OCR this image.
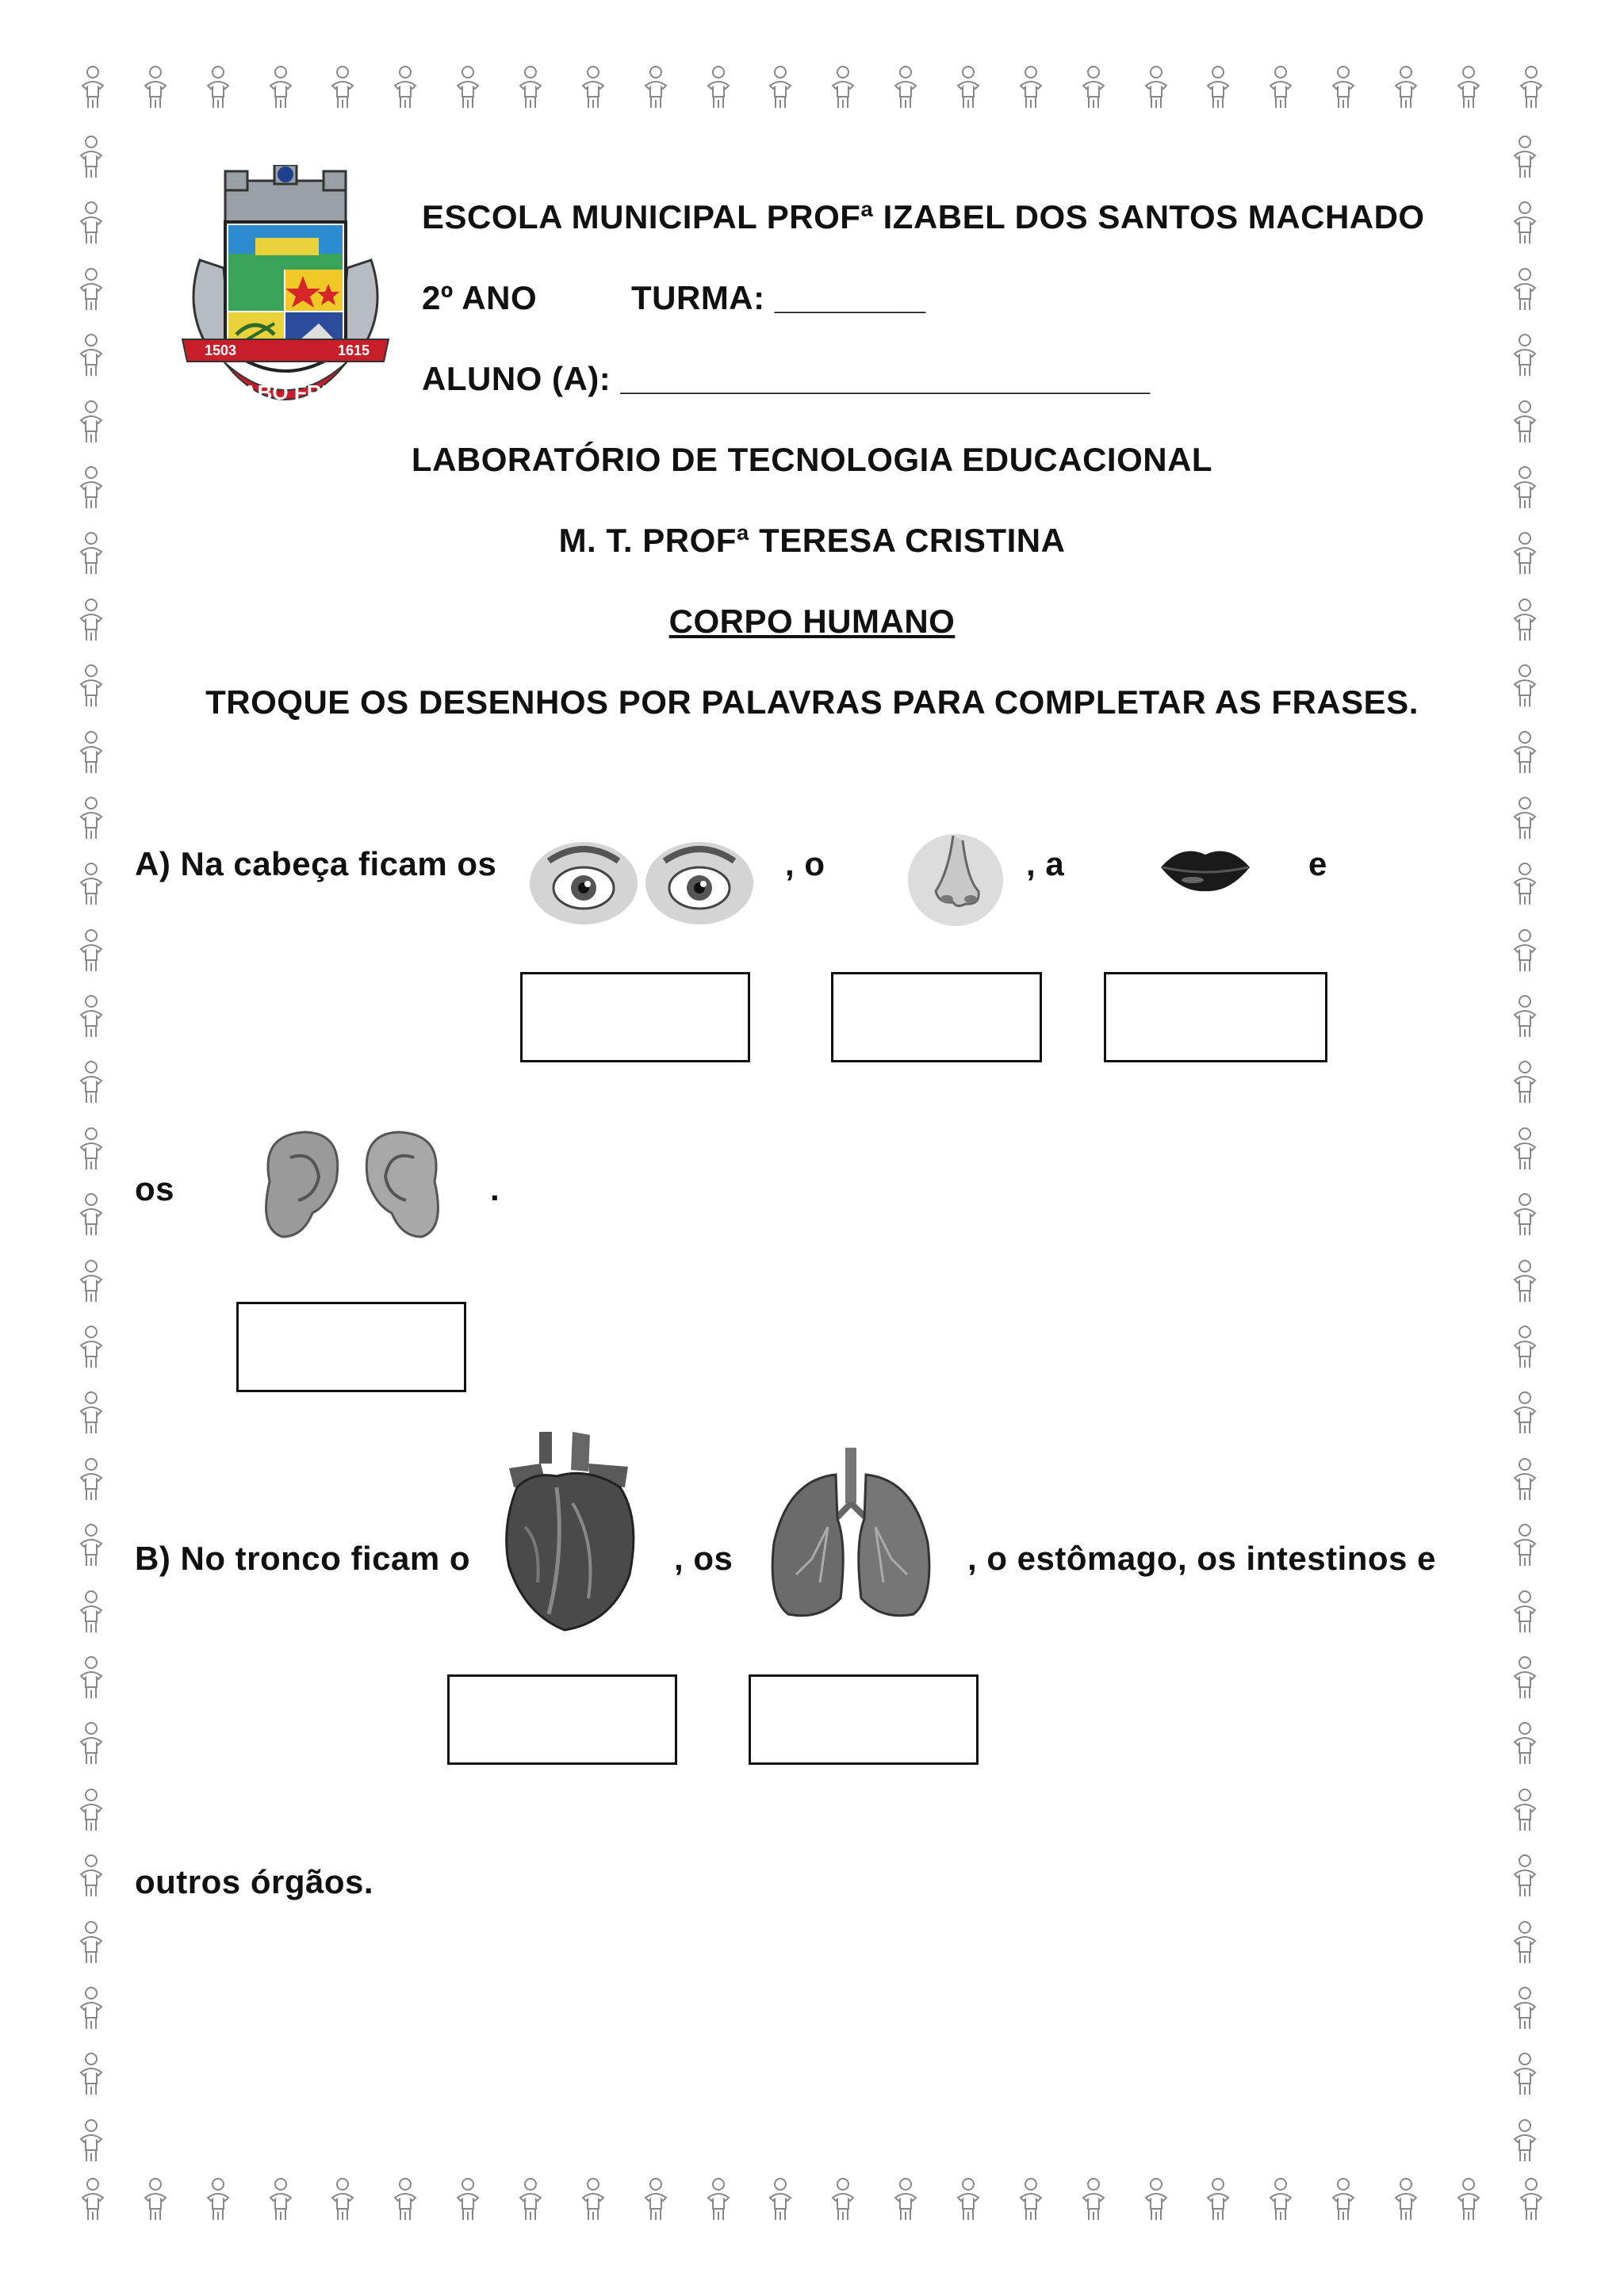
1503	1615
CABO FRIO
ESCOLA MUNICIPAL PROFª IZABEL DOS SANTOS MACHADO
2º ANO	TURMA: ________
ALUNO (A): ____________________________
LABORATÓRIO DE TECNOLOGIA EDUCACIONAL
M. T. PROFª TERESA CRISTINA
CORPO HUMANO
TROQUE OS DESENHOS POR PALAVRAS PARA COMPLETAR AS FRASES.
A) Na cabeça ficam os	, o	, a	e
os	.
B) No tronco ficam o	, os	, o estômago, os intestinos e
outros órgãos.
